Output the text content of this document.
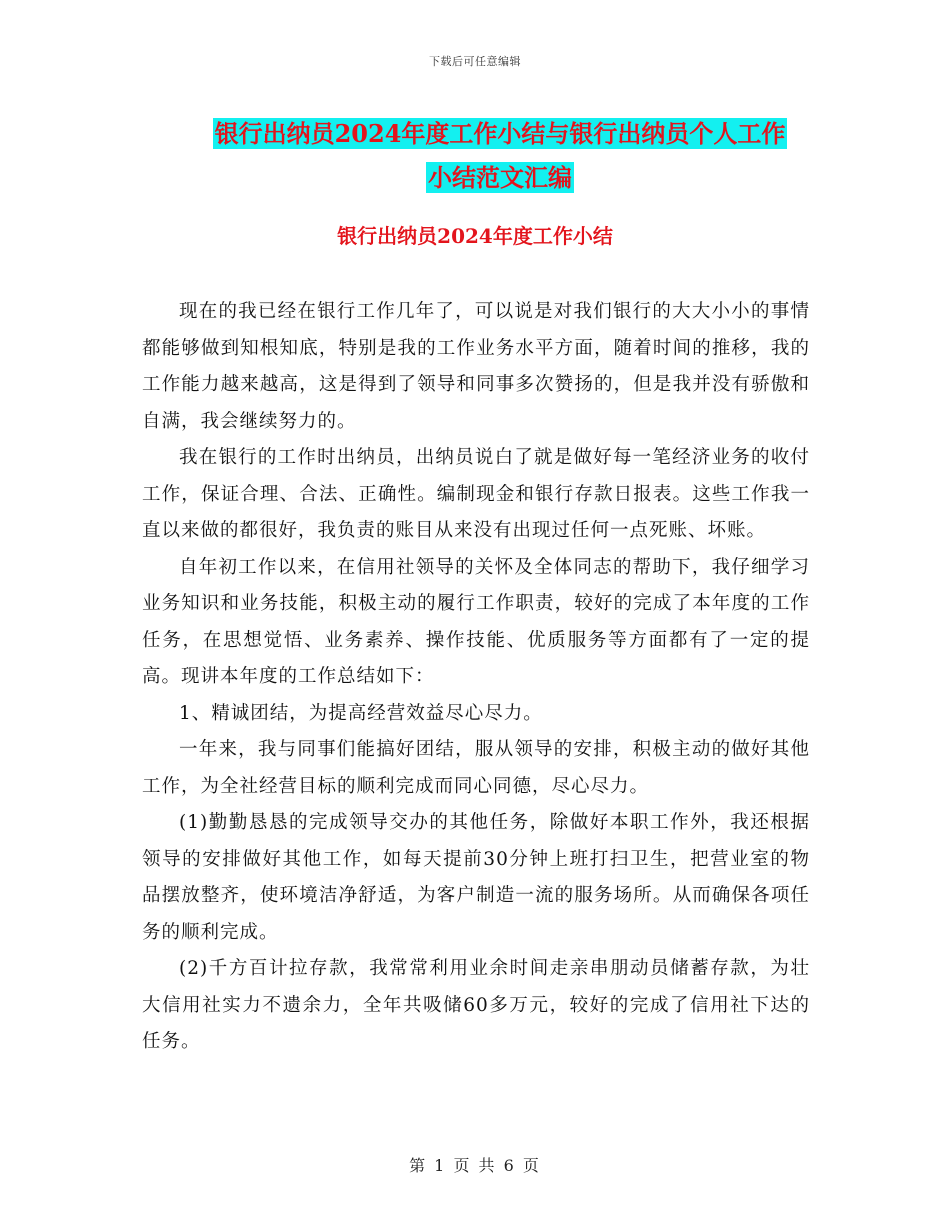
下载后可任意编辑
银行出纳员2024年度工作小结与银行出纳员个人工作
小结范文汇编
银行出纳员2024年度工作小结

现在的我已经在银行工作几年了，可以说是对我们银行的大大小小的事情都能够做到知根知底，特别是我的工作业务水平方面，随着时间的推移，我的工作能力越来越高，这是得到了领导和同事多次赞扬的，但是我并没有骄傲和自满，我会继续努力的。

我在银行的工作时出纳员，出纳员说白了就是做好每一笔经济业务的收付工作，保证合理、合法、正确性。编制现金和银行存款日报表。这些工作我一直以来做的都很好，我负责的账目从来没有出现过任何一点死账、坏账。

自年初工作以来，在信用社领导的关怀及全体同志的帮助下，我仔细学习业务知识和业务技能，积极主动的履行工作职责，较好的完成了本年度的工作任务，在思想觉悟、业务素养、操作技能、优质服务等方面都有了一定的提高。现讲本年度的工作总结如下：

1、精诚团结，为提高经营效益尽心尽力。

一年来，我与同事们能搞好团结，服从领导的安排，积极主动的做好其他工作，为全社经营目标的顺利完成而同心同德，尽心尽力。

(1)勤勤恳恳的完成领导交办的其他任务，除做好本职工作外，我还根据领导的安排做好其他工作，如每天提前30分钟上班打扫卫生，把营业室的物品摆放整齐，使环境洁净舒适，为客户制造一流的服务场所。从而确保各项任务的顺利完成。

(2)千方百计拉存款，我常常利用业余时间走亲串朋动员储蓄存款，为壮大信用社实力不遗余力，全年共吸储60多万元，较好的完成了信用社下达的任务。

第 1 页 共 6 页
